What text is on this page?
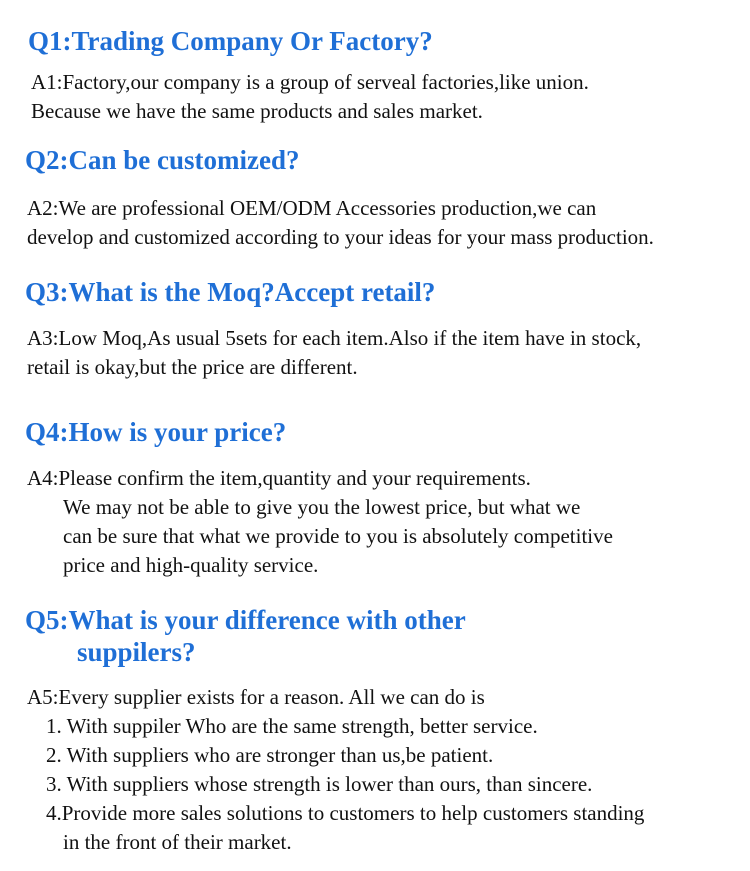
Q1:Trading Company Or Factory?
A1:Factory,our company is a group of serveal factories,like union.
Because we have the same products and sales market.
Q2:Can be customized?
A2:We are professional OEM/ODM Accessories production,we can
develop and customized according to your ideas for your mass production.
Q3:What is the Moq?Accept retail?
A3:Low Moq,As usual 5sets for each item.Also if the item have in stock,
retail is okay,but the price are different.
Q4:How is your price?
A4:Please confirm the item,quantity and your requirements.
We may not be able to give you the lowest price, but what we
can be sure that what we provide to you is absolutely competitive
price and high-quality service.
Q5:What is your difference with other
suppilers?
A5:Every supplier exists for a reason. All we can do is
1. With suppiler Who are the same strength, better service.
2. With suppliers who are stronger than us,be patient.
3. With suppliers whose strength is lower than ours, than sincere.
4.Provide more sales solutions to customers to help customers standing
in the front of their market.
